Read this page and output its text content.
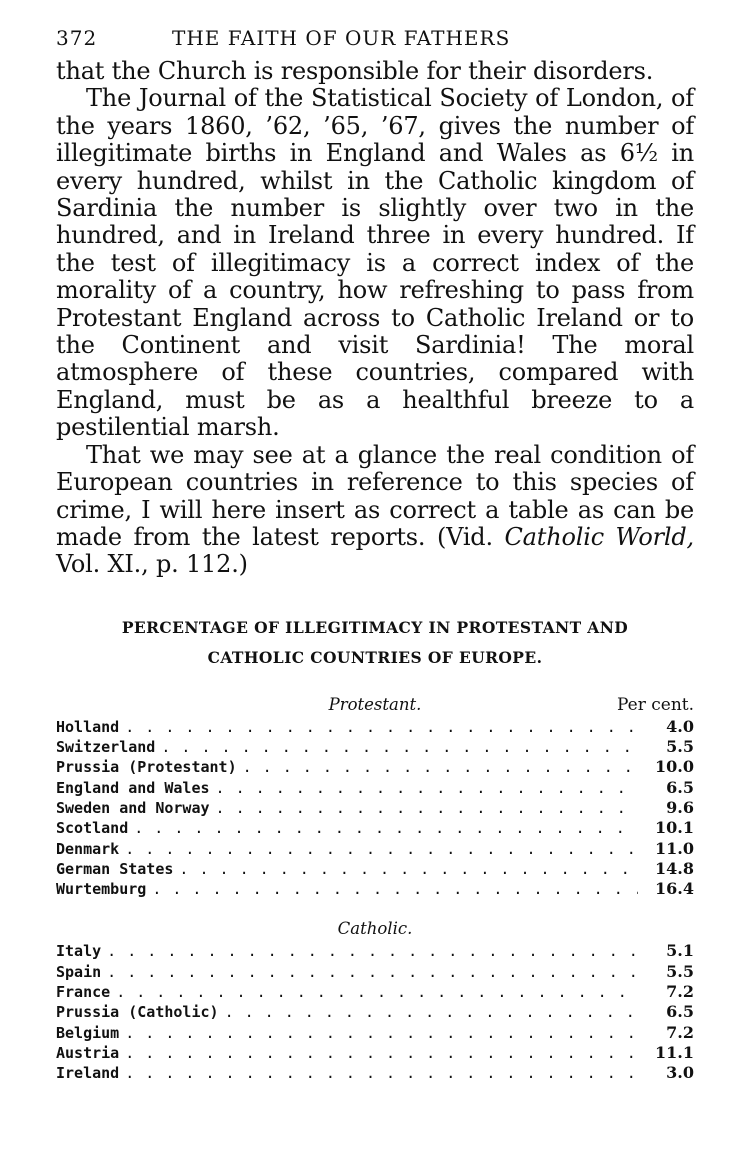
372	THE FAITH OF OUR FATHERS

that the Church is responsible for their disorders.

The Journal of the Statistical Society of London, of the years 1860, ’62, ’65, ’67, gives the number of illegitimate births in England and Wales as 6½ in every hundred, whilst in the Catholic kingdom of Sardinia the number is slightly over two in the hundred, and in Ireland three in every hundred. If the test of illegitimacy is a correct index of the morality of a country, how refreshing to pass from Protestant England across to Catholic Ireland or to the Continent and visit Sardinia! The moral atmosphere of these countries, compared with England, must be as a healthful breeze to a pestilential marsh.

That we may see at a glance the real condition of European countries in reference to this species of crime, I will here insert as correct a table as can be made from the latest reports. (Vid. Catholic World, Vol. XI., p. 112.)

PERCENTAGE OF ILLEGITIMACY IN PROTESTANT AND
CATHOLIC COUNTRIES OF EUROPE.
Protestant.	Per cent.
Holland . . .	4.0
Switzerland . . .	5.5
Prussia (Protestant) . . .	10.0
England and Wales . . .	6.5
Sweden and Norway . . .	9.6
Scotland . . .	10.1
Denmark . . .	11.0
German States . . .	14.8
Wurtemburg . . .	16.4
Catholic.
Italy . . .	5.1
Spain . . .	5.5
France . . .	7.2
Prussia (Catholic) . . .	6.5
Belgium . . .	7.2
Austria . . .	11.1
Ireland . . .	3.0
